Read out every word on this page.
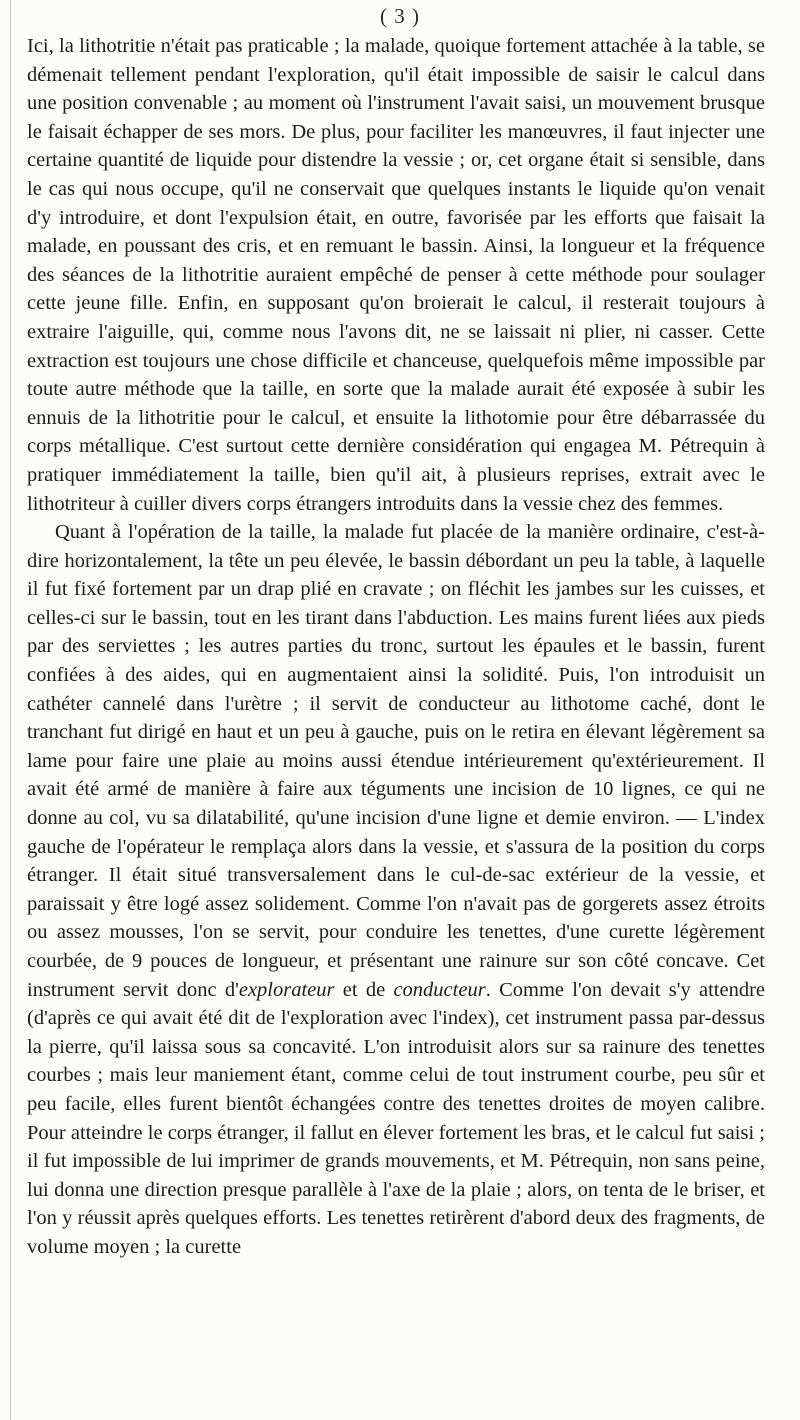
( 3 )

Ici, la lithotritie n'était pas praticable ; la malade, quoique fortement attachée à la table, se démenait tellement pendant l'exploration, qu'il était impossible de saisir le calcul dans une position convenable ; au moment où l'instrument l'avait saisi, un mouvement brusque le faisait échapper de ses mors. De plus, pour faciliter les manœuvres, il faut injecter une certaine quantité de liquide pour distendre la vessie ; or, cet organe était si sensible, dans le cas qui nous occupe, qu'il ne conservait que quelques instants le liquide qu'on venait d'y introduire, et dont l'expulsion était, en outre, favorisée par les efforts que faisait la malade, en poussant des cris, et en remuant le bassin. Ainsi, la longueur et la fréquence des séances de la lithotritie auraient empêché de penser à cette méthode pour soulager cette jeune fille. Enfin, en supposant qu'on broierait le calcul, il resterait toujours à extraire l'aiguille, qui, comme nous l'avons dit, ne se laissait ni plier, ni casser. Cette extraction est toujours une chose difficile et chanceuse, quelquefois même impossible par toute autre méthode que la taille, en sorte que la malade aurait été exposée à subir les ennuis de la lithotritie pour le calcul, et ensuite la lithotomie pour être débarrassée du corps métallique. C'est surtout cette dernière considération qui engagea M. Pétrequin à pratiquer immédiatement la taille, bien qu'il ait, à plusieurs reprises, extrait avec le lithotriteur à cuiller divers corps étrangers introduits dans la vessie chez des femmes.

Quant à l'opération de la taille, la malade fut placée de la manière ordinaire, c'est-à-dire horizontalement, la tête un peu élevée, le bassin débordant un peu la table, à laquelle il fut fixé fortement par un drap plié en cravate ; on fléchit les jambes sur les cuisses, et celles-ci sur le bassin, tout en les tirant dans l'abduction. Les mains furent liées aux pieds par des serviettes ; les autres parties du tronc, surtout les épaules et le bassin, furent confiées à des aides, qui en augmentaient ainsi la solidité. Puis, l'on introduisit un cathéter cannelé dans l'urètre ; il servit de conducteur au lithotome caché, dont le tranchant fut dirigé en haut et un peu à gauche, puis on le retira en élevant légèrement sa lame pour faire une plaie au moins aussi étendue intérieurement qu'extérieurement. Il avait été armé de manière à faire aux téguments une incision de 10 lignes, ce qui ne donne au col, vu sa dilatabilité, qu'une incision d'une ligne et demie environ. — L'index gauche de l'opérateur le remplaça alors dans la vessie, et s'assura de la position du corps étranger. Il était situé transversalement dans le cul-de-sac extérieur de la vessie, et paraissait y être logé assez solidement. Comme l'on n'avait pas de gorgerets assez étroits ou assez mousses, l'on se servit, pour conduire les tenettes, d'une curette légèrement courbée, de 9 pouces de longueur, et présentant une rainure sur son côté concave. Cet instrument servit donc d'explorateur et de conducteur. Comme l'on devait s'y attendre (d'après ce qui avait été dit de l'exploration avec l'index), cet instrument passa par-dessus la pierre, qu'il laissa sous sa concavité. L'on introduisit alors sur sa rainure des tenettes courbes ; mais leur maniement étant, comme celui de tout instrument courbe, peu sûr et peu facile, elles furent bientôt échangées contre des tenettes droites de moyen calibre. Pour atteindre le corps étranger, il fallut en élever fortement les bras, et le calcul fut saisi ; il fut impossible de lui imprimer de grands mouvements, et M. Pétrequin, non sans peine, lui donna une direction presque parallèle à l'axe de la plaie ; alors, on tenta de le briser, et l'on y réussit après quelques efforts. Les tenettes retirèrent d'abord deux des fragments, de volume moyen ; la curette
